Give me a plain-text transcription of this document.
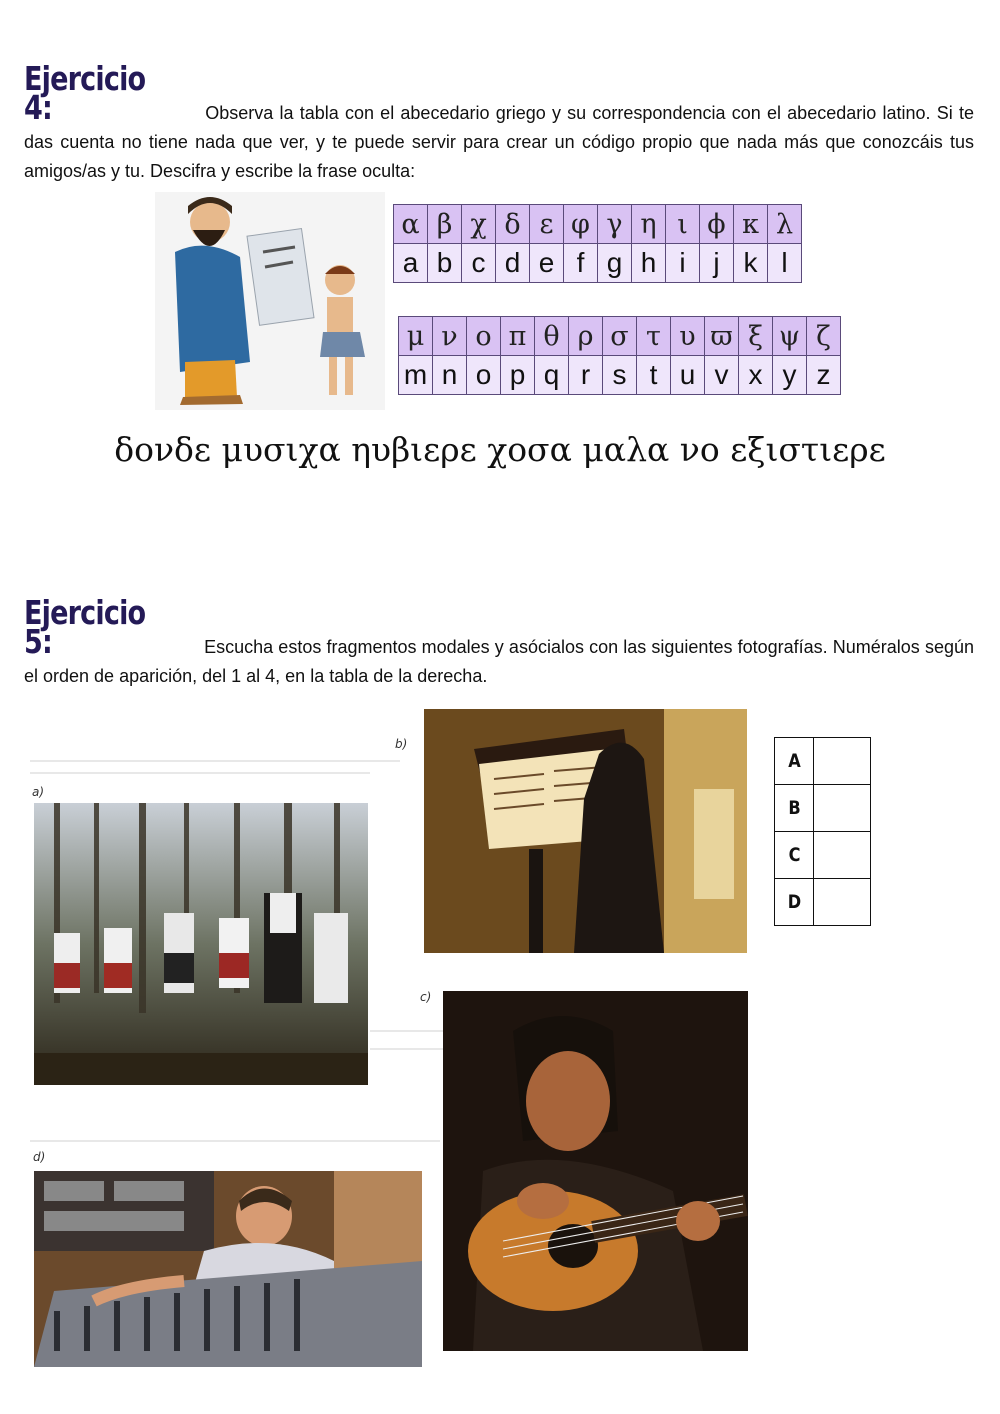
Ejercicio 4:	Observa la tabla con el abecedario griego y su correspondencia con el abecedario latino. Si te das cuenta no tiene nada que ver, y te puede servir para crear un código propio que nada más que conozcáis tus amigos/as y tu. Descifra y escribe la frase oculta:
α	β	χ	δ	ε	φ	γ	η	ι	ϕ	κ	λ
a	b	c	d	e	f	g	h	i	j	k	l
μ	ν	ο	π	θ	ρ	σ	τ	υ	ϖ	ξ	ψ	ζ
m	n	o	p	q	r	s	t	u	v	x	y	z
δονδε μυσιχα ηυβιερε χοσα μαλα νο εξιστιερε
Ejercicio 5:	Escucha estos fragmentos modales y asócialos con las siguientes fotografías. Numéralos según el orden de aparición, del 1 al 4, en la tabla de la derecha.
a)
b)
c)
d)
A	
B	
C	
D	
